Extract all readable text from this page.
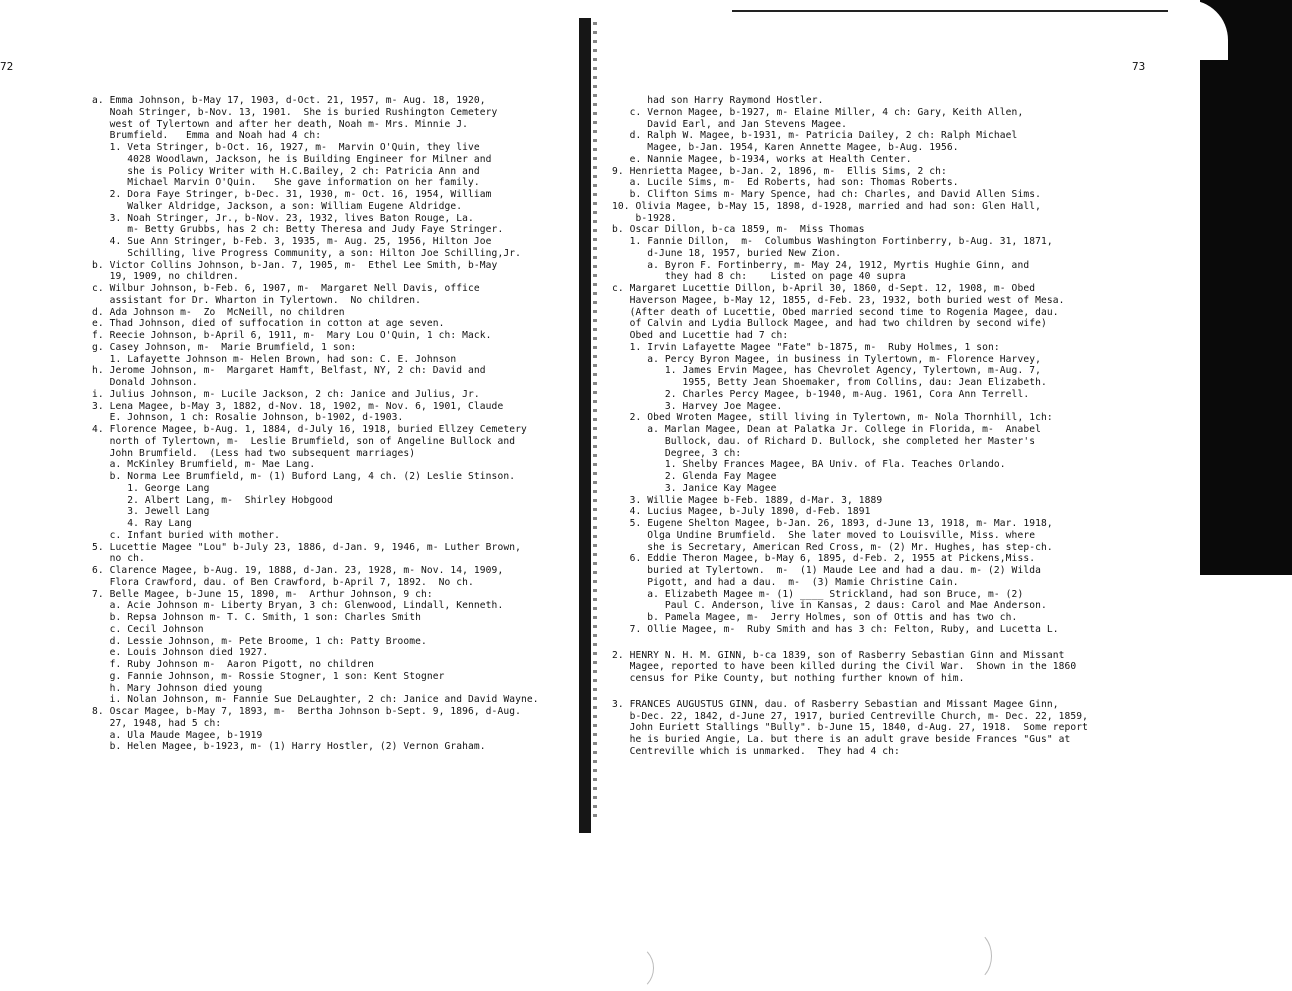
72	73
a. Emma Johnson, b-May 17, 1903, d-Oct. 21, 1957, m- Aug. 18, 1920,
Noah Stringer, b-Nov. 13, 1901.  She is buried Rushington Cemetery
west of Tylertown and after her death, Noah m- Mrs. Minnie J.
Brumfield.   Emma and Noah had 4 ch:
1. Veta Stringer, b-Oct. 16, 1927, m-  Marvin O'Quin, they live
4028 Woodlawn, Jackson, he is Building Engineer for Milner and
she is Policy Writer with H.C.Bailey, 2 ch: Patricia Ann and
Michael Marvin O'Quin.   She gave information on her family.
2. Dora Faye Stringer, b-Dec. 31, 1930, m- Oct. 16, 1954, William
Walker Aldridge, Jackson, a son: William Eugene Aldridge.
3. Noah Stringer, Jr., b-Nov. 23, 1932, lives Baton Rouge, La.
m- Betty Grubbs, has 2 ch: Betty Theresa and Judy Faye Stringer.
4. Sue Ann Stringer, b-Feb. 3, 1935, m- Aug. 25, 1956, Hilton Joe
Schilling, live Progress Community, a son: Hilton Joe Schilling,Jr.
b. Victor Collins Johnson, b-Jan. 7, 1905, m-  Ethel Lee Smith, b-May
19, 1909, no children.
c. Wilbur Johnson, b-Feb. 6, 1907, m-  Margaret Nell Davis, office
assistant for Dr. Wharton in Tylertown.  No children.
d. Ada Johnson m-  Zo  McNeill, no children
e. Thad Johnson, died of suffocation in cotton at age seven.
f. Reecie Johnson, b-April 6, 1911, m-  Mary Lou O'Quin, 1 ch: Mack.
g. Casey Johnson, m-  Marie Brumfield, 1 son:
1. Lafayette Johnson m- Helen Brown, had son: C. E. Johnson
h. Jerome Johnson, m-  Margaret Hamft, Belfast, NY, 2 ch: David and
Donald Johnson.
i. Julius Johnson, m- Lucile Jackson, 2 ch: Janice and Julius, Jr.
3. Lena Magee, b-May 3, 1882, d-Nov. 18, 1902, m- Nov. 6, 1901, Claude
E. Johnson, 1 ch: Rosalie Johnson, b-1902, d-1903.
4. Florence Magee, b-Aug. 1, 1884, d-July 16, 1918, buried Ellzey Cemetery
north of Tylertown, m-  Leslie Brumfield, son of Angeline Bullock and
John Brumfield.  (Less had two subsequent marriages)
a. McKinley Brumfield, m- Mae Lang.
b. Norma Lee Brumfield, m- (1) Buford Lang, 4 ch. (2) Leslie Stinson.
1. George Lang
2. Albert Lang, m-  Shirley Hobgood
3. Jewell Lang
4. Ray Lang
c. Infant buried with mother.
5. Lucettie Magee "Lou" b-July 23, 1886, d-Jan. 9, 1946, m- Luther Brown,
no ch.
6. Clarence Magee, b-Aug. 19, 1888, d-Jan. 23, 1928, m- Nov. 14, 1909,
Flora Crawford, dau. of Ben Crawford, b-April 7, 1892.  No ch.
7. Belle Magee, b-June 15, 1890, m-  Arthur Johnson, 9 ch:
a. Acie Johnson m- Liberty Bryan, 3 ch: Glenwood, Lindall, Kenneth.
b. Repsa Johnson m- T. C. Smith, 1 son: Charles Smith
c. Cecil Johnson
d. Lessie Johnson, m- Pete Broome, 1 ch: Patty Broome.
e. Louis Johnson died 1927.
f. Ruby Johnson m-  Aaron Pigott, no children
g. Fannie Johnson, m- Rossie Stogner, 1 son: Kent Stogner
h. Mary Johnson died young
i. Nolan Johnson, m- Fannie Sue DeLaughter, 2 ch: Janice and David Wayne.
8. Oscar Magee, b-May 7, 1893, m-  Bertha Johnson b-Sept. 9, 1896, d-Aug.
27, 1948, had 5 ch:
a. Ula Maude Magee, b-1919
b. Helen Magee, b-1923, m- (1) Harry Hostler, (2) Vernon Graham.
had son Harry Raymond Hostler.
c. Vernon Magee, b-1927, m- Elaine Miller, 4 ch: Gary, Keith Allen,
David Earl, and Jan Stevens Magee.
d. Ralph W. Magee, b-1931, m- Patricia Dailey, 2 ch: Ralph Michael
Magee, b-Jan. 1954, Karen Annette Magee, b-Aug. 1956.
e. Nannie Magee, b-1934, works at Health Center.
9. Henrietta Magee, b-Jan. 2, 1896, m-  Ellis Sims, 2 ch:
a. Lucile Sims, m-  Ed Roberts, had son: Thomas Roberts.
b. Clifton Sims m- Mary Spence, had ch: Charles, and David Allen Sims.
10. Olivia Magee, b-May 15, 1898, d-1928, married and had son: Glen Hall,
b-1928.
b. Oscar Dillon, b-ca 1859, m-  Miss Thomas
1. Fannie Dillon,  m-  Columbus Washington Fortinberry, b-Aug. 31, 1871,
d-June 18, 1957, buried New Zion.
a. Byron F. Fortinberry, m- May 24, 1912, Myrtis Hughie Ginn, and
they had 8 ch:    Listed on page 40 supra
c. Margaret Lucettie Dillon, b-April 30, 1860, d-Sept. 12, 1908, m- Obed
Haverson Magee, b-May 12, 1855, d-Feb. 23, 1932, both buried west of Mesa.
(After death of Lucettie, Obed married second time to Rogenia Magee, dau.
of Calvin and Lydia Bullock Magee, and had two children by second wife)
Obed and Lucettie had 7 ch:
1. Irvin Lafayette Magee "Fate" b-1875, m-  Ruby Holmes, 1 son:
a. Percy Byron Magee, in business in Tylertown, m- Florence Harvey,
1. James Ervin Magee, has Chevrolet Agency, Tylertown, m-Aug. 7,
1955, Betty Jean Shoemaker, from Collins, dau: Jean Elizabeth.
2. Charles Percy Magee, b-1940, m-Aug. 1961, Cora Ann Terrell.
3. Harvey Joe Magee.
2. Obed Wroten Magee, still living in Tylertown, m- Nola Thornhill, 1ch:
a. Marlan Magee, Dean at Palatka Jr. College in Florida, m-  Anabel
Bullock, dau. of Richard D. Bullock, she completed her Master's
Degree, 3 ch:
1. Shelby Frances Magee, BA Univ. of Fla. Teaches Orlando.
2. Glenda Fay Magee
3. Janice Kay Magee
3. Willie Magee b-Feb. 1889, d-Mar. 3, 1889
4. Lucius Magee, b-July 1890, d-Feb. 1891
5. Eugene Shelton Magee, b-Jan. 26, 1893, d-June 13, 1918, m- Mar. 1918,
Olga Undine Brumfield.  She later moved to Louisville, Miss. where
she is Secretary, American Red Cross, m- (2) Mr. Hughes, has step-ch.
6. Eddie Theron Magee, b-May 6, 1895, d-Feb. 2, 1955 at Pickens,Miss.
buried at Tylertown.  m-  (1) Maude Lee and had a dau. m- (2) Wilda
Pigott, and had a dau.  m-  (3) Mamie Christine Cain.
a. Elizabeth Magee m- (1) ____ Strickland, had son Bruce, m- (2)
Paul C. Anderson, live in Kansas, 2 daus: Carol and Mae Anderson.
b. Pamela Magee, m-  Jerry Holmes, son of Ottis and has two ch.
7. Ollie Magee, m-  Ruby Smith and has 3 ch: Felton, Ruby, and Lucetta L.
2. HENRY N. H. M. GINN, b-ca 1839, son of Rasberry Sebastian Ginn and Missant
Magee, reported to have been killed during the Civil War.  Shown in the 1860
census for Pike County, but nothing further known of him.
3. FRANCES AUGUSTUS GINN, dau. of Rasberry Sebastian and Missant Magee Ginn,
b-Dec. 22, 1842, d-June 27, 1917, buried Centreville Church, m- Dec. 22, 1859,
John Euriett Stallings "Bully". b-June 15, 1840, d-Aug. 27, 1918.  Some report
he is buried Angie, La. but there is an adult grave beside Frances "Gus" at
Centreville which is unmarked.  They had 4 ch:
